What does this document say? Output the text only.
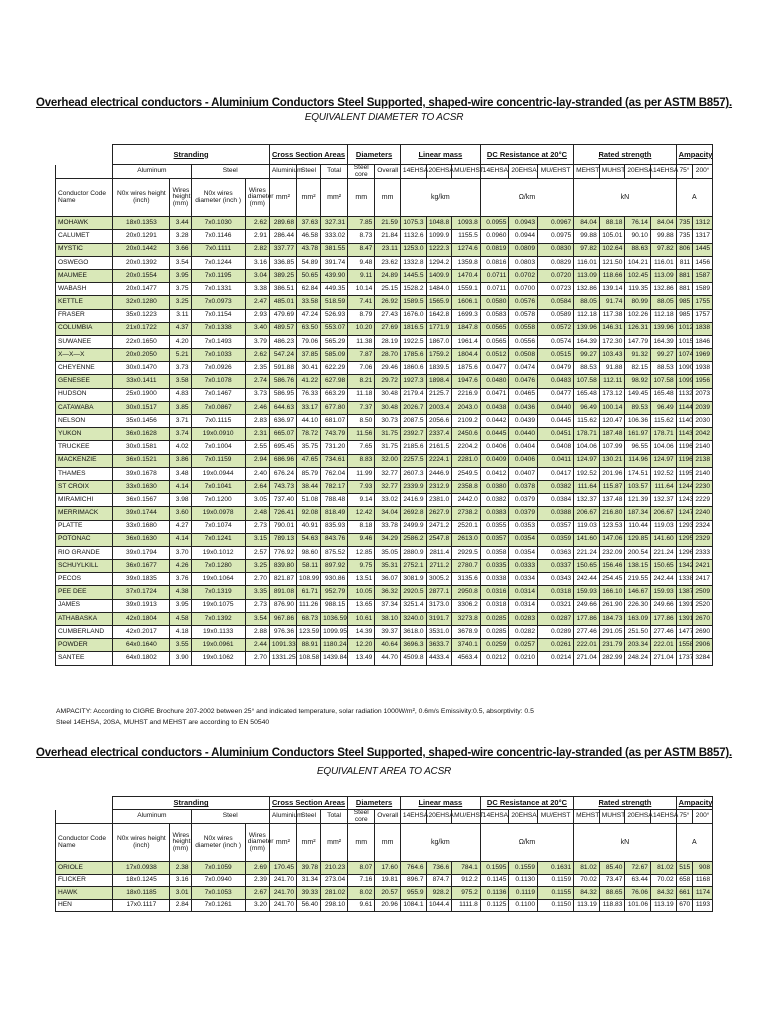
Overhead electrical conductors - Aluminium Conductors Steel Supported, shaped-wire concentric-lay-stranded (as per ASTM B857).
EQUIVALENT DIAMETER TO ACSR
	Stranding				Cross Section Areas			Diameters		Linear mass			DC Resistance at 20°C			Rated strength				Ampacity	
	Aluminum		Steel		Aluminium	Steel	Total	Steel core	Overall	14EHSA	20EHSA	MU/EHST	14EHSA	20EHSA	MU/EHST	MEHST	MUHST	20EHSA	14EHSA	75°	200°
Conductor Code Name	N0x wires height (inch)	Wires height (mm)	N0x wires diameter (inch )	Wires diameter (mm)	mm²	mm²	mm²	mm	mm	kg/km			Ω/km			kN				A	
MOHAWK	18x0.1353	3.44	7x0.1030	2.62	289.68	37.63	327.31	7.85	21.59	1075.3	1048.8	1093.8	0.0955	0.0943	0.0967	84.04	88.18	76.14	84.04	735	1312
CALUMET	20x0.1291	3.28	7x0.1146	2.91	286.44	46.58	333.02	8.73	21.84	1132.6	1099.9	1155.5	0.0960	0.0944	0.0975	99.88	105.01	90.10	99.88	735	1317
MYSTIC	20x0.1442	3.66	7x0.1111	2.82	337.77	43.78	381.55	8.47	23.11	1253.0	1222.3	1274.6	0.0819	0.0809	0.0830	97.82	102.64	88.63	97.82	806	1445
OSWEGO	20x0.1392	3.54	7x0.1244	3.16	336.85	54.89	391.74	9.48	23.62	1332.8	1294.2	1359.8	0.0816	0.0803	0.0829	116.01	121.50	104.21	116.01	811	1456
MAUMEE	20x0.1554	3.95	7x0.1195	3.04	389.25	50.65	439.90	9.11	24.89	1445.5	1409.9	1470.4	0.0711	0.0702	0.0720	113.09	118.66	102.45	113.09	881	1587
WABASH	20x0.1477	3.75	7x0.1331	3.38	386.51	62.84	449.35	10.14	25.15	1528.2	1484.0	1559.1	0.0711	0.0700	0.0723	132.86	139.14	119.35	132.86	881	1589
KETTLE	32x0.1280	3.25	7x0.0973	2.47	485.01	33.58	518.59	7.41	26.92	1589.5	1565.9	1606.1	0.0580	0.0576	0.0584	88.05	91.74	80.99	88.05	985	1755
FRASER	35x0.1223	3.11	7x0.1154	2.93	479.69	47.24	526.93	8.79	27.43	1676.0	1642.8	1699.3	0.0583	0.0578	0.0589	112.18	117.38	102.26	112.18	985	1757
COLUMBIA	21x0.1722	4.37	7x0.1338	3.40	489.57	63.50	553.07	10.20	27.69	1816.5	1771.9	1847.8	0.0565	0.0558	0.0572	139.96	146.31	126.31	139.96	1012	1838
SUWANEE	22x0.1650	4.20	7x0.1493	3.79	486.23	79.06	565.29	11.38	28.19	1922.5	1867.0	1961.4	0.0565	0.0556	0.0574	164.39	172.30	147.79	164.39	1015	1846
X—X—X	20x0.2050	5.21	7x0.1033	2.62	547.24	37.85	585.09	7.87	28.70	1785.6	1759.2	1804.4	0.0512	0.0508	0.0515	99.27	103.43	91.32	99.27	1074	1969
CHEYENNE	30x0.1470	3.73	7x0.0926	2.35	591.88	30.41	622.29	7.06	29.46	1860.6	1839.5	1875.6	0.0477	0.0474	0.0479	88.53	91.88	82.15	88.53	1090	1938
GENESEE	33x0.1411	3.58	7x0.1078	2.74	586.76	41.22	627.98	8.21	29.72	1927.3	1898.4	1947.6	0.0480	0.0476	0.0483	107.58	112.11	98.92	107.58	1099	1956
HUDSON	25x0.1900	4.83	7x0.1467	3.73	586.95	76.33	663.29	11.18	30.48	2179.4	2125.7	2216.9	0.0471	0.0465	0.0477	165.48	173.12	149.45	165.48	1132	2073
CATAWABA	30x0.1517	3.85	7x0.0867	2.46	644.63	33.17	677.80	7.37	30.48	2026.7	2003.4	2043.0	0.0438	0.0436	0.0440	96.49	100.14	89.53	96.49	1144	2039
NELSON	35x0.1456	3.71	7x0.1115	2.83	636.97	44.10	681.07	8.50	30.73	2087.5	2056.6	2109.2	0.0442	0.0439	0.0445	115.62	120.47	106.36	115.62	1140	2030
YUKON	36x0.1628	3.74	19x0.0910	2.31	665.07	78.72	743.79	11.56	31.75	2392.7	2337.4	2450.6	0.0445	0.0440	0.0451	178.71	187.48	161.97	178.71	1143	2042
TRUCKEE	30x0.1581	4.02	7x0.1004	2.55	695.45	35.75	731.20	7.65	31.75	2185.6	2161.5	2204.2	0.0406	0.0404	0.0408	104.06	107.99	96.55	104.06	1196	2140
MACKENZIE	36x0.1521	3.86	7x0.1159	2.94	686.96	47.65	734.61	8.83	32.00	2257.5	2224.1	2281.0	0.0409	0.0406	0.0411	124.97	130.21	114.96	124.97	1196	2138
THAMES	39x0.1678	3.48	19x0.0944	2.40	676.24	85.79	762.04	11.99	32.77	2607.3	2446.9	2549.5	0.0412	0.0407	0.0417	192.52	201.96	174.51	192.52	1195	2140
ST CROIX	33x0.1630	4.14	7x0.1041	2.64	743.73	38.44	782.17	7.93	32.77	2339.9	2312.9	2358.8	0.0380	0.0378	0.0382	111.64	115.87	103.57	111.64	1244	2230
MIRAMICHI	36x0.1567	3.98	7x0.1200	3.05	737.40	51.08	788.48	9.14	33.02	2416.9	2381.0	2442.0	0.0382	0.0379	0.0384	132.37	137.48	121.39	132.37	1243	2229
MERRIMACK	39x0.1744	3.60	19x0.0978	2.48	726.41	92.08	818.49	12.42	34.04	2692.8	2627.9	2738.2	0.0383	0.0379	0.0388	206.67	216.80	187.34	206.67	1247	2240
PLATTE	33x0.1680	4.27	7x0.1074	2.73	790.01	40.91	835.93	8.18	33.78	2499.9	2471.2	2520.1	0.0355	0.0353	0.0357	119.03	123.53	110.44	119.03	1293	2324
POTONAC	36x0.1630	4.14	7x0.1241	3.15	789.13	54.63	843.76	9.46	34.29	2586.2	2547.8	2613.0	0.0357	0.0354	0.0359	141.60	147.06	129.85	141.60	1295	2329
RIO GRANDE	39x0.1794	3.70	19x0.1012	2.57	776.92	98.60	875.52	12.85	35.05	2880.9	2811.4	2929.5	0.0358	0.0354	0.0363	221.24	232.09	200.54	221.24	1296	2333
SCHUYLKILL	36x0.1677	4.26	7x0.1280	3.25	839.80	58.11	897.92	9.75	35.31	2752.1	2711.2	2780.7	0.0335	0.0333	0.0337	150.65	156.46	138.15	150.65	1342	2421
PECOS	39x0.1835	3.76	19x0.1064	2.70	821.87	108.99	930.86	13.51	36.07	3081.9	3005.2	3135.6	0.0338	0.0334	0.0343	242.44	254.45	219.55	242.44	1338	2417
PEE DEE	37x0.1724	4.38	7x0.1319	3.35	891.08	61.71	952.79	10.05	36.32	2920.5	2877.1	2950.8	0.0316	0.0314	0.0318	159.93	166.10	146.67	159.93	1387	2509
JAMES	39x0.1913	3.95	19x0.1075	2.73	876.90	111.26	988.15	13.65	37.34	3251.4	3173.0	3306.2	0.0318	0.0314	0.0321	249.66	261.90	226.30	249.66	1391	2520
ATHABASKA	42x0.1804	4.58	7x0.1392	3.54	967.86	68.73	1036.59	10.61	38.10	3240.0	3191.7	3273.8	0.0285	0.0283	0.0287	177.86	184.73	163.09	177.86	1391	2670
CUMBERLAND	42x0.2017	4.18	19x0.1133	2.88	976.36	123.59	1099.95	14.39	39.37	3618.0	3531.0	3678.9	0.0285	0.0282	0.0289	277.46	291.05	251.50	277.46	1477	2690
POWDER	64x0.1640	3.55	19x0.0961	2.44	1091.33	88.91	1180.24	12.20	40.64	3696.3	3633.7	3740.1	0.0259	0.0257	0.0261	222.01	231.79	203.34	222.01	1558	2906
SANTEE	64x0.1802	3.90	19x0.1062	2.70	1331.25	108.58	1439.84	13.49	44.70	4509.8	4433.4	4563.4	0.0212	0.0210	0.0214	271.04	282.99	248.24	271.04	1737	3284
AMPACITY: According to CIGRE Brochure 207-2002 between 25° and indicated temperature, solar radiation 1000W/m², 0.6m/s Emissivity:0.5, absorptivity: 0.5
Steel 14EHSA, 20SA, MUHST and MEHST are according to EN 50540
Overhead electrical conductors - Aluminium Conductors Steel Supported, shaped-wire concentric-lay-stranded (as per ASTM B857).
EQUIVALENT AREA TO ACSR
	Stranding				Cross Section Areas			Diameters		Linear mass			DC Resistance at 20°C			Rated strength				Ampacity	
	Aluminum		Steel		Aluminium	Steel	Total	Steel core	Overall	14EHSA	20EHSA	MU/EHST	14EHSA	20EHSA	MU/EHST	MEHST	MUHST	20EHSA	14EHSA	75°	200°
Conductor Code Name	N0x wires height (inch)	Wires height (mm)	N0x wires diameter (inch )	Wires diameter (mm)	mm²	mm²	mm²	mm	mm	kg/km			Ω/km			kN				A	
ORIOLE	17x0.0938	2.38	7x0.1059	2.69	170.45	39.78	210.23	8.07	17.60	764.6	736.6	784.1	0.1595	0.1559	0.1631	81.02	85.40	72.67	81.02	515	908
FLICKER	18x0.1245	3.16	7x0.0940	2.39	241.70	31.34	273.04	7.16	19.81	896.7	874.7	912.2	0.1145	0.1130	0.1159	70.02	73.47	63.44	70.02	658	1168
HAWK	18x0.1185	3.01	7x0.1053	2.67	241.70	39.33	281.02	8.02	20.57	955.9	928.2	975.2	0.1136	0.1119	0.1155	84.32	88.65	76.06	84.32	661	1174
HEN	17x0.1117	2.84	7x0.1261	3.20	241.70	56.40	298.10	9.61	20.96	1084.1	1044.4	1111.8	0.1125	0.1100	0.1150	113.19	118.83	101.06	113.19	670	1193
